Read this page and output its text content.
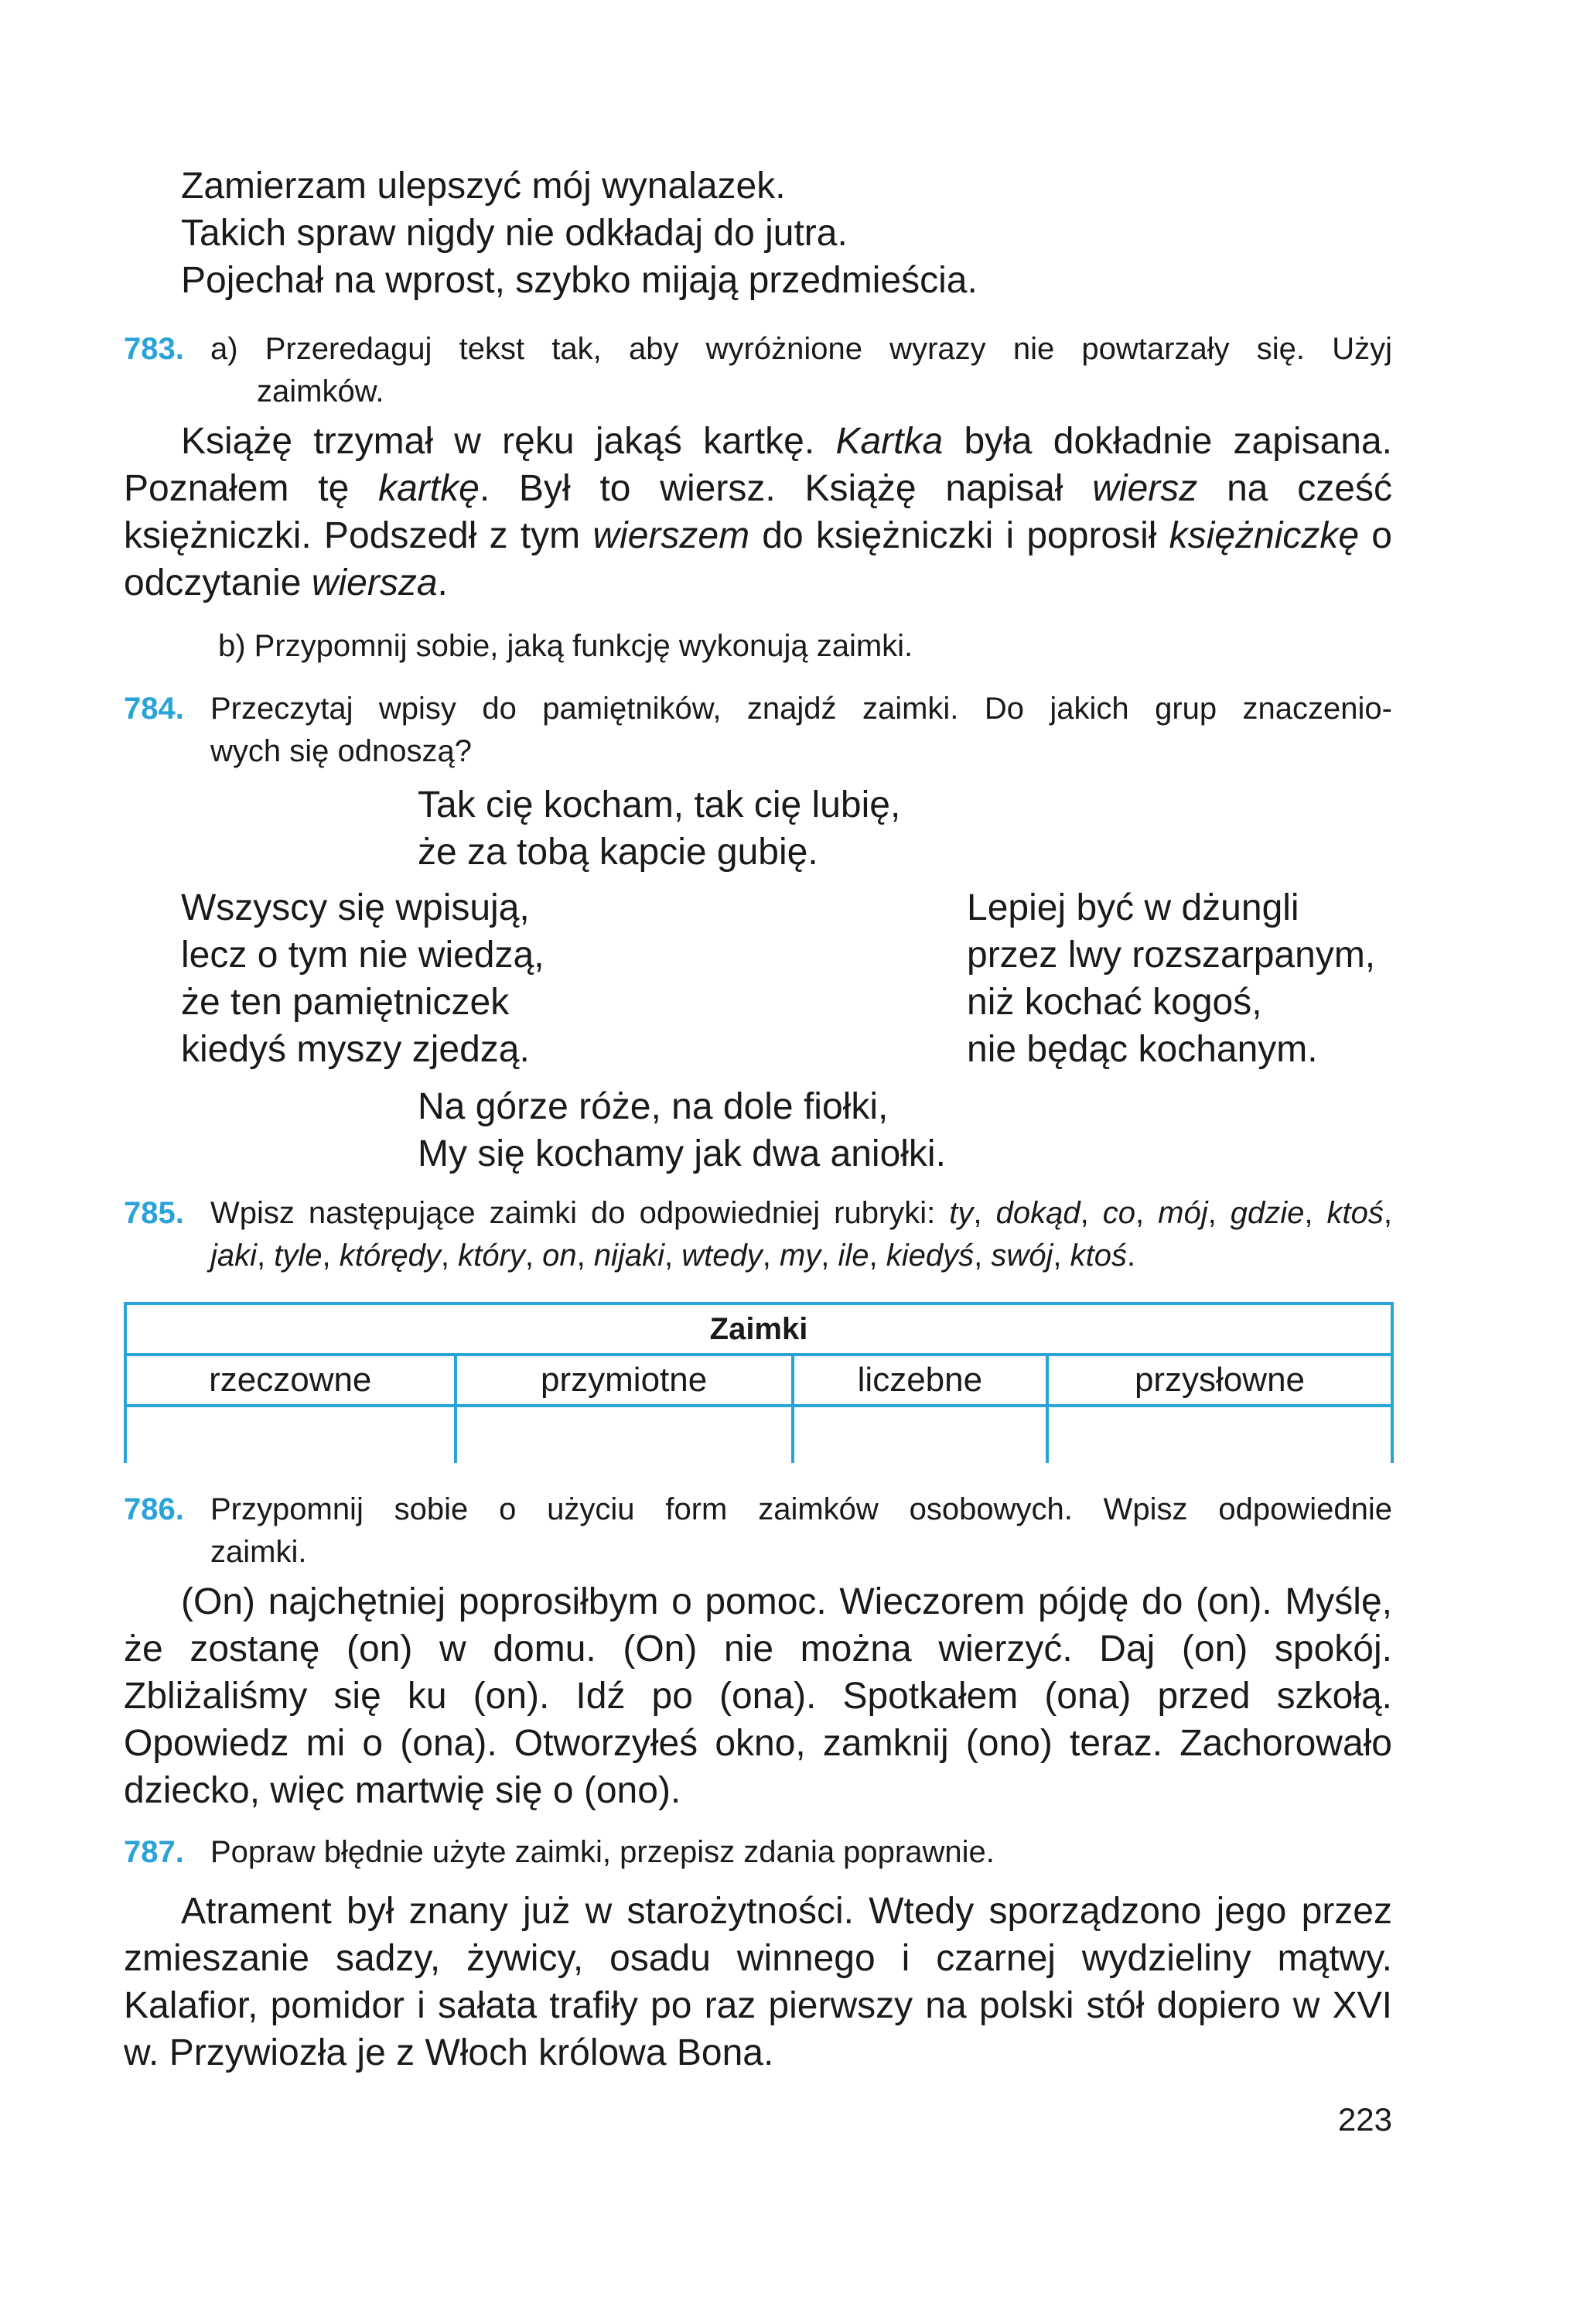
Zamierzam ulepszyć mój wynalazek.
Takich spraw nigdy nie odkładaj do jutra.
Pojechał na wprost, szybko mijają przedmieścia.
783. a) Przeredaguj tekst tak, aby wyróżnione wyrazy nie powtarzały się. Użyj
zaimków.
Książę trzymał w ręku jakąś kartkę. Kartka była dokładnie zapisana. Poznałem tę kartkę. Był to wiersz. Książę napisał wiersz na cześć księżniczki. Podszedł z tym wierszem do księżniczki i poprosił księżniczkę o odczytanie wiersza.
b) Przypomnij sobie, jaką funkcję wykonują zaimki.
784. Przeczytaj wpisy do pamiętników, znajdź zaimki. Do jakich grup znaczenio-
wych się odnoszą?
Tak cię kocham, tak cię lubię,
że za tobą kapcie gubię.
Wszyscy się wpisują,
lecz o tym nie wiedzą,
że ten pamiętniczek
kiedyś myszy zjedzą.
Lepiej być w dżungli
przez lwy rozszarpanym,
niż kochać kogoś,
nie będąc kochanym.
Na górze róże, na dole fiołki,
My się kochamy jak dwa aniołki.
785. Wpisz następujące zaimki do odpowiedniej rubryki: ty, dokąd, co, mój, gdzie, ktoś, jaki, tyle, którędy, który, on, nijaki, wtedy, my, ile, kiedyś, swój, ktoś.
Zaimki			
rzeczowne	przymiotne	liczebne	przysłowne

786. Przypomnij sobie o użyciu form zaimków osobowych. Wpisz odpowiednie
zaimki.
(On) najchętniej poprosiłbym o pomoc. Wieczorem pójdę do (on). Myślę, że zostanę (on) w domu. (On) nie można wierzyć. Daj (on) spokój. Zbliżaliśmy się ku (on). Idź po (ona). Spotkałem (ona) przed szkołą. Opowiedz mi o (ona). Otworzyłeś okno, zamknij (ono) teraz. Zachorowało dziecko, więc martwię się o (ono).
787. Popraw błędnie użyte zaimki, przepisz zdania poprawnie.
Atrament był znany już w starożytności. Wtedy sporządzono jego przez zmieszanie sadzy, żywicy, osadu winnego i czarnej wydzieliny mątwy. Kalafior, pomidor i sałata trafiły po raz pierwszy na polski stół dopiero w XVI w. Przywiozła je z Włoch królowa Bona.
223
